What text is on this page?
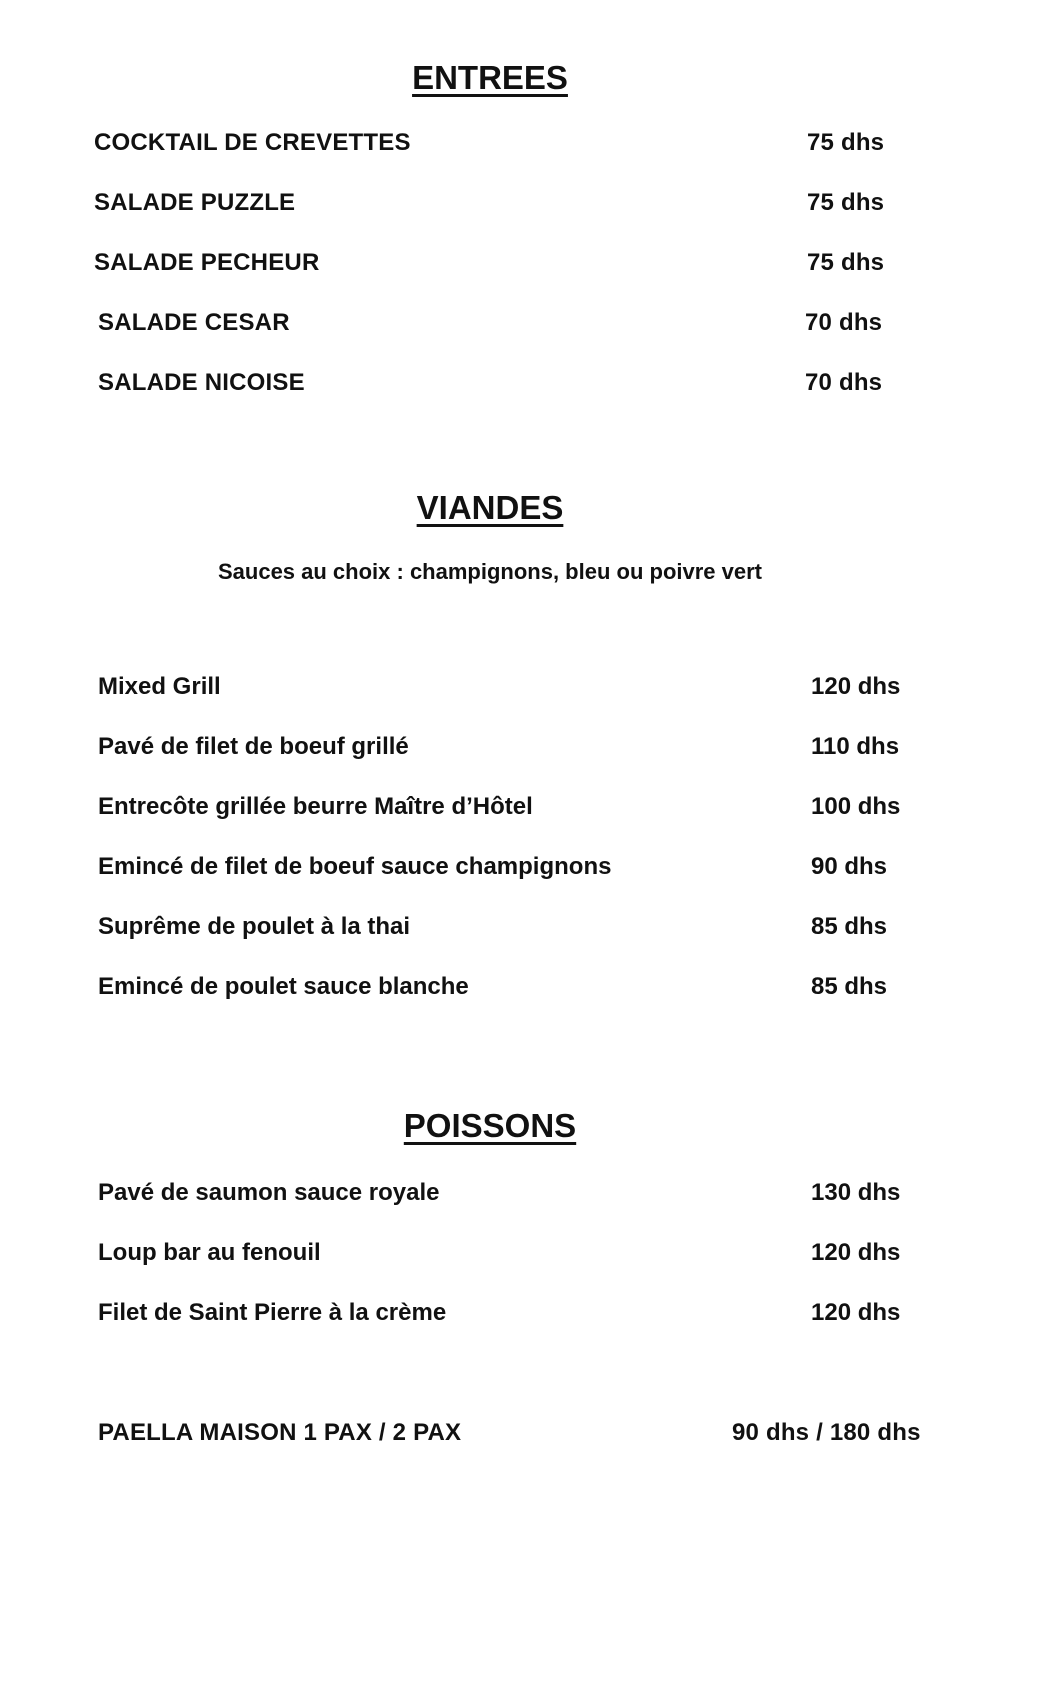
ENTREES
COCKTAIL DE CREVETTES	75 dhs
SALADE PUZZLE	75 dhs
SALADE PECHEUR	75 dhs
SALADE CESAR	70 dhs
SALADE NICOISE	70 dhs
VIANDES

Sauces au choix : champignons, bleu ou poivre vert

Mixed Grill	120 dhs
Pavé de filet de boeuf grillé	110 dhs
Entrecôte grillée beurre Maître d’Hôtel	100 dhs
Emincé de filet de boeuf sauce champignons	90 dhs
Suprême de poulet à la thai	85 dhs
Emincé de poulet sauce blanche	85 dhs
POISSONS
Pavé de saumon sauce royale	130 dhs
Loup bar au fenouil	120 dhs
Filet de Saint Pierre à la crème	120 dhs
PAELLA MAISON 1 PAX / 2 PAX	90 dhs / 180 dhs
